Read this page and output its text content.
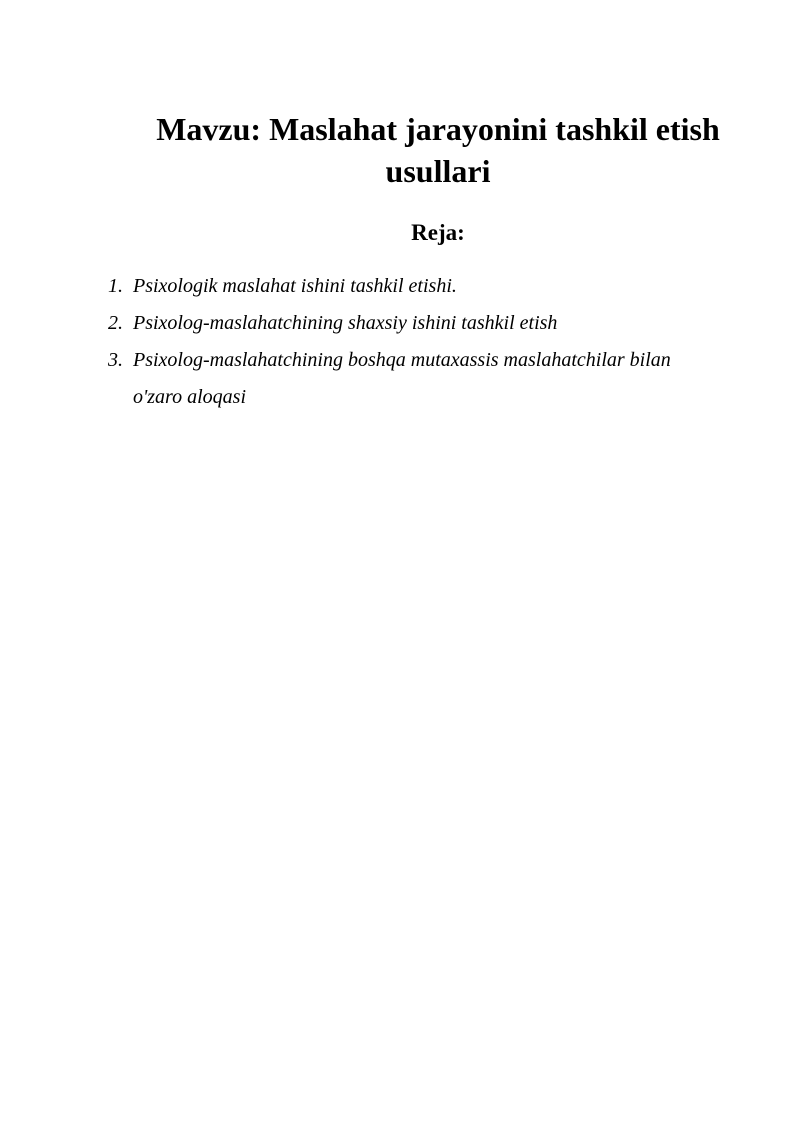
Mavzu: Maslahat jarayonini tashkil etish
usullari
Reja:
1. Psixologik maslahat ishini tashkil etishi.
2. Psixolog-maslahatchining shaxsiy ishini tashkil etish
3. Psixolog-maslahatchining boshqa mutaxassis maslahatchilar bilan o'zaro aloqasi
